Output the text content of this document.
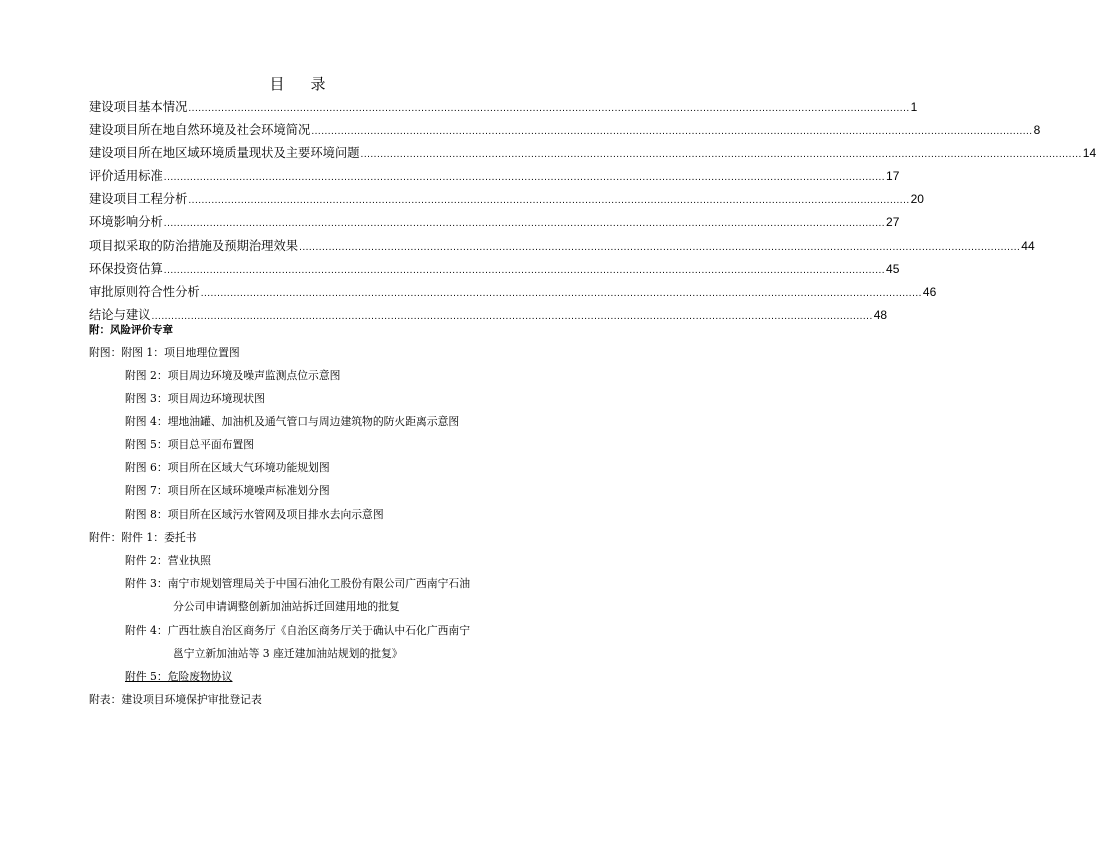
目 录
建设项目基本情况 ............................................................................................................................................................................................................................ 1
建设项目所在地自然环境及社会环境简况 ............................................................................................................................................................................................................................ 8
建设项目所在地区域环境质量现状及主要环境问题 ............................................................................................................................................................................................................................ 14
评价适用标准 ............................................................................................................................................................................................................................ 17
建设项目工程分析 ............................................................................................................................................................................................................................ 20
环境影响分析 ............................................................................................................................................................................................................................ 27
项目拟采取的防治措施及预期治理效果 ............................................................................................................................................................................................................................ 44
环保投资估算 ............................................................................................................................................................................................................................ 45
审批原则符合性分析 ............................................................................................................................................................................................................................ 46
结论与建议 ............................................................................................................................................................................................................................ 48
附：风险评价专章
附图：附图 1：项目地理位置图
附图 2：项目周边环境及噪声监测点位示意图
附图 3：项目周边环境现状图
附图 4：埋地油罐、加油机及通气管口与周边建筑物的防火距离示意图
附图 5：项目总平面布置图
附图 6：项目所在区域大气环境功能规划图
附图 7：项目所在区域环境噪声标准划分图
附图 8：项目所在区域污水管网及项目排水去向示意图
附件：附件 1：委托书
附件 2：营业执照
附件 3：南宁市规划管理局关于中国石油化工股份有限公司广西南宁石油
分公司申请调整创新加油站拆迁回建用地的批复
附件 4：广西壮族自治区商务厅《自治区商务厅关于确认中石化广西南宁
邕宁立新加油站等 3 座迁建加油站规划的批复》
附件 5：危险废物协议
附表：建设项目环境保护审批登记表
